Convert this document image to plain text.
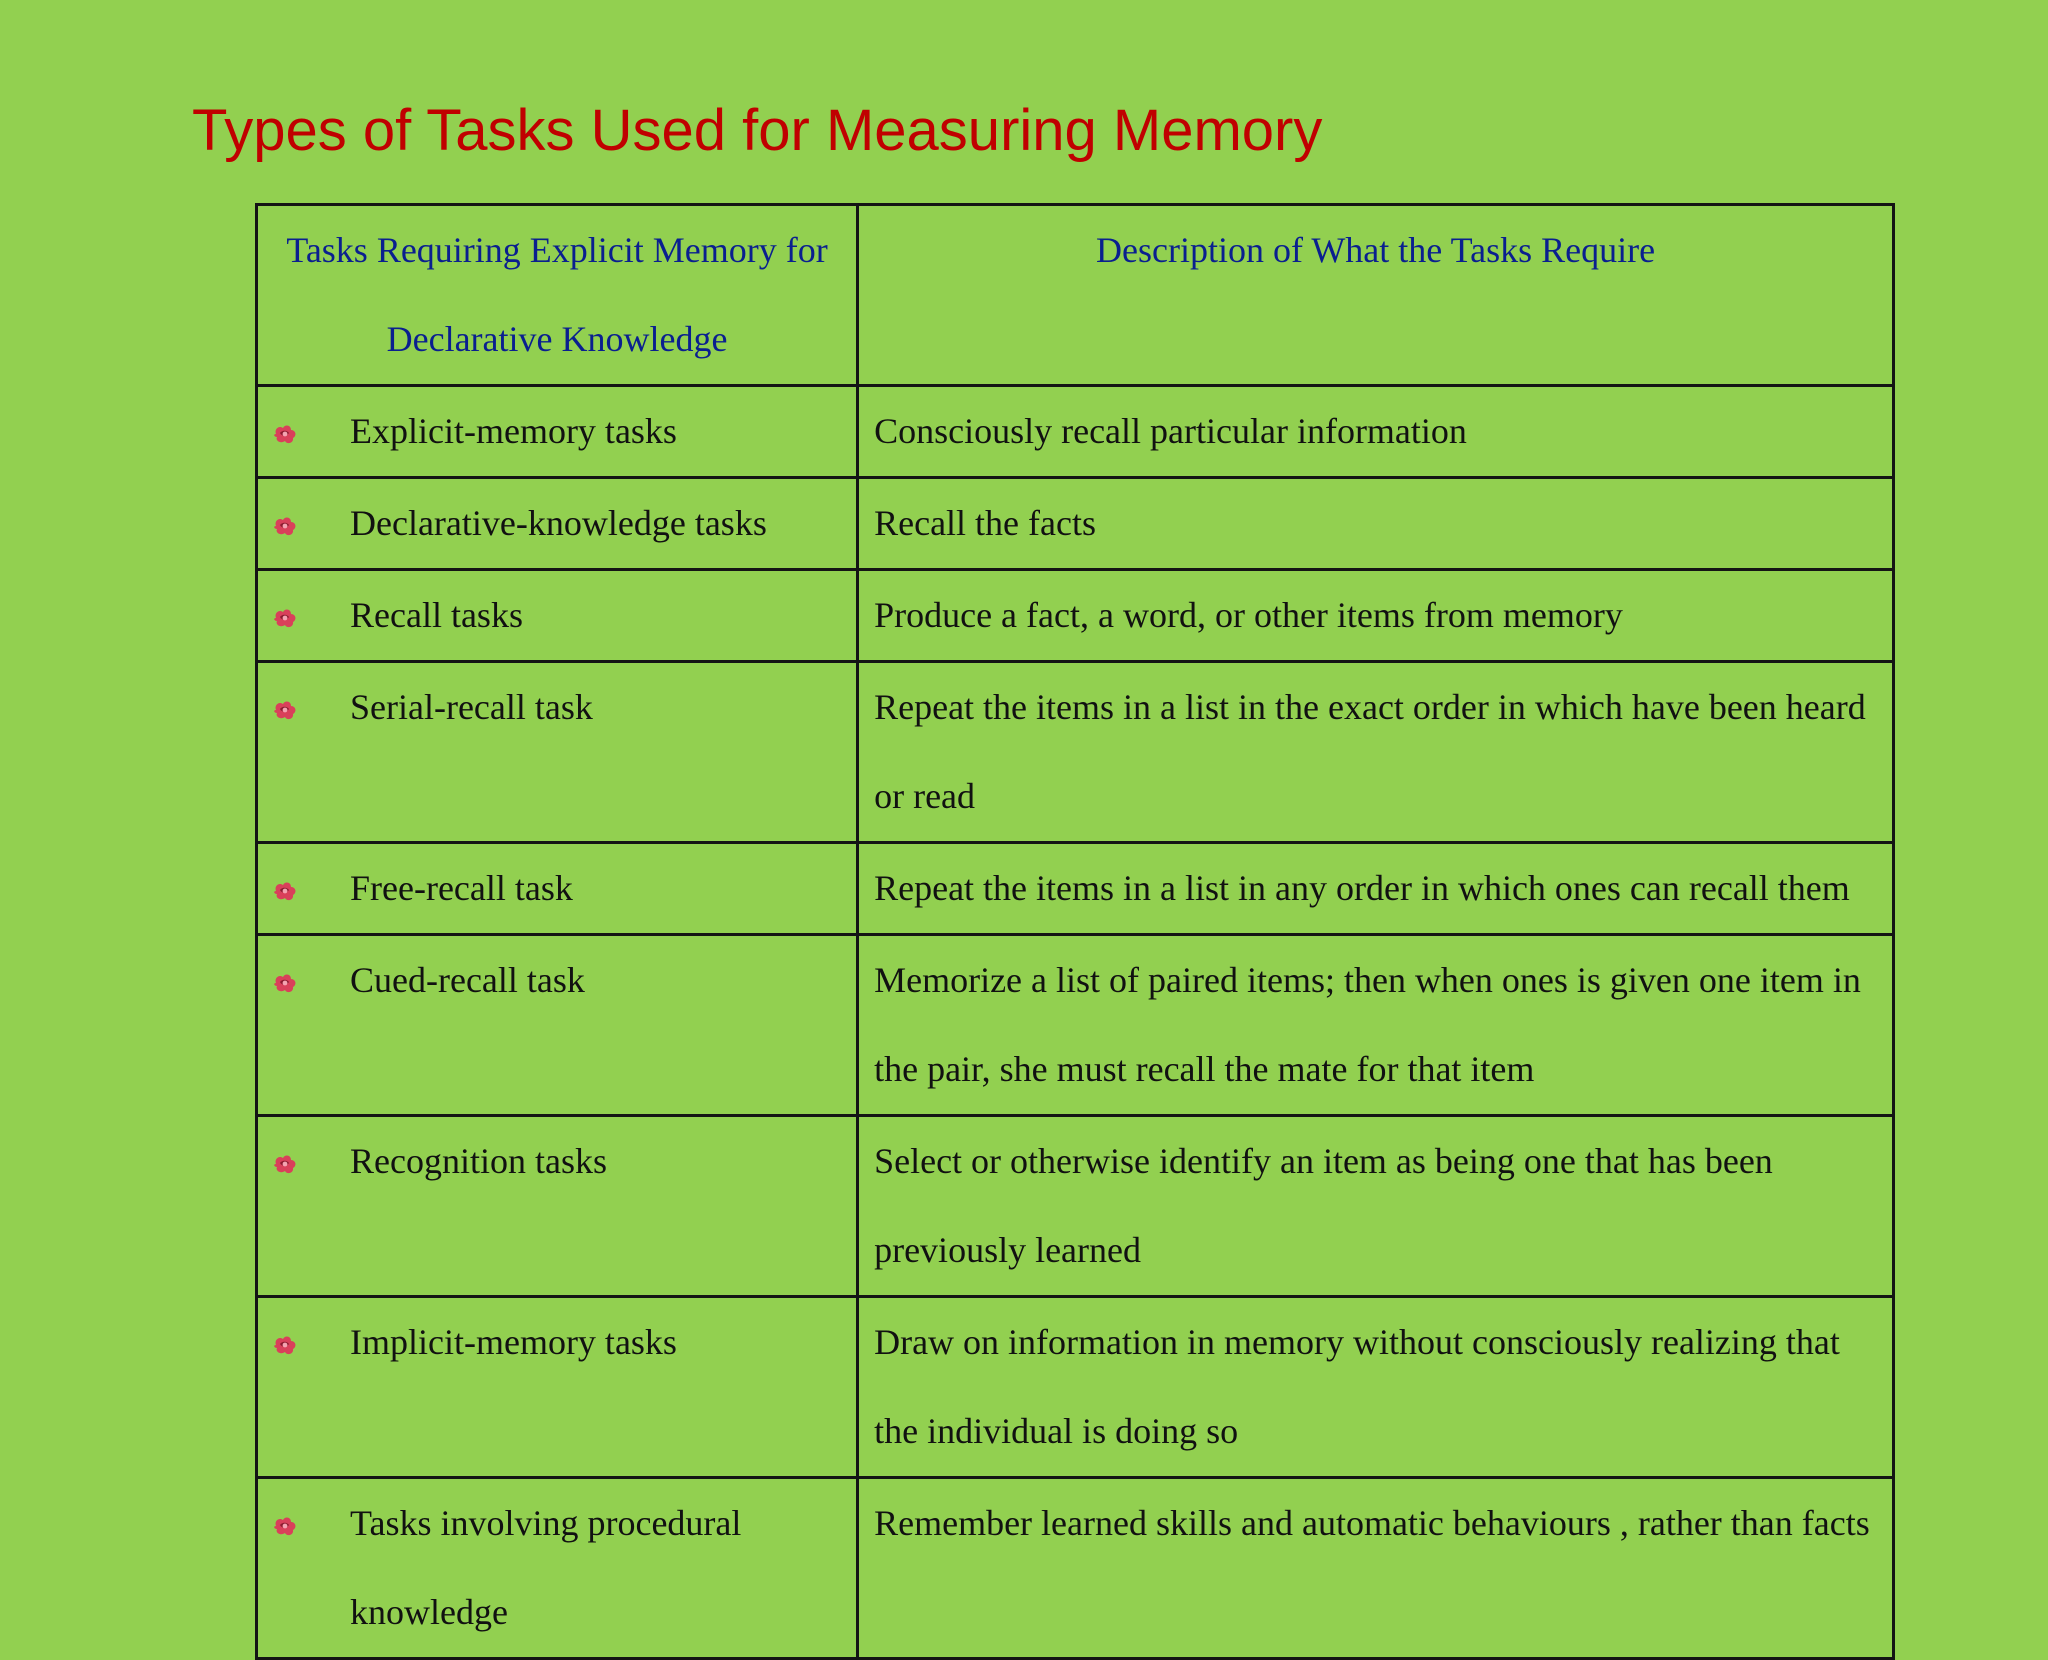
Types of Tasks Used for Measuring Memory
Tasks Requiring Explicit Memory for Declarative Knowledge	Description of What the Tasks Require

Explicit-memory tasks	Consciously recall particular information

Declarative-knowledge tasks	Recall the facts

Recall tasks	Produce a fact, a word, or other items from memory

Serial-recall task	Repeat the items in a list in the exact order in which have been heard or read

Free-recall task	Repeat the items in a list in any order in which ones can recall them

Cued-recall task	Memorize a list of paired items; then when ones is given one item in the pair, she must recall the mate for that item

Recognition tasks	Select or otherwise identify an item as being one that has been previously learned

Implicit-memory tasks	Draw on information in memory without consciously realizing that the individual is doing so

Tasks involving procedural knowledge	Remember learned skills and automatic behaviours , rather than facts
